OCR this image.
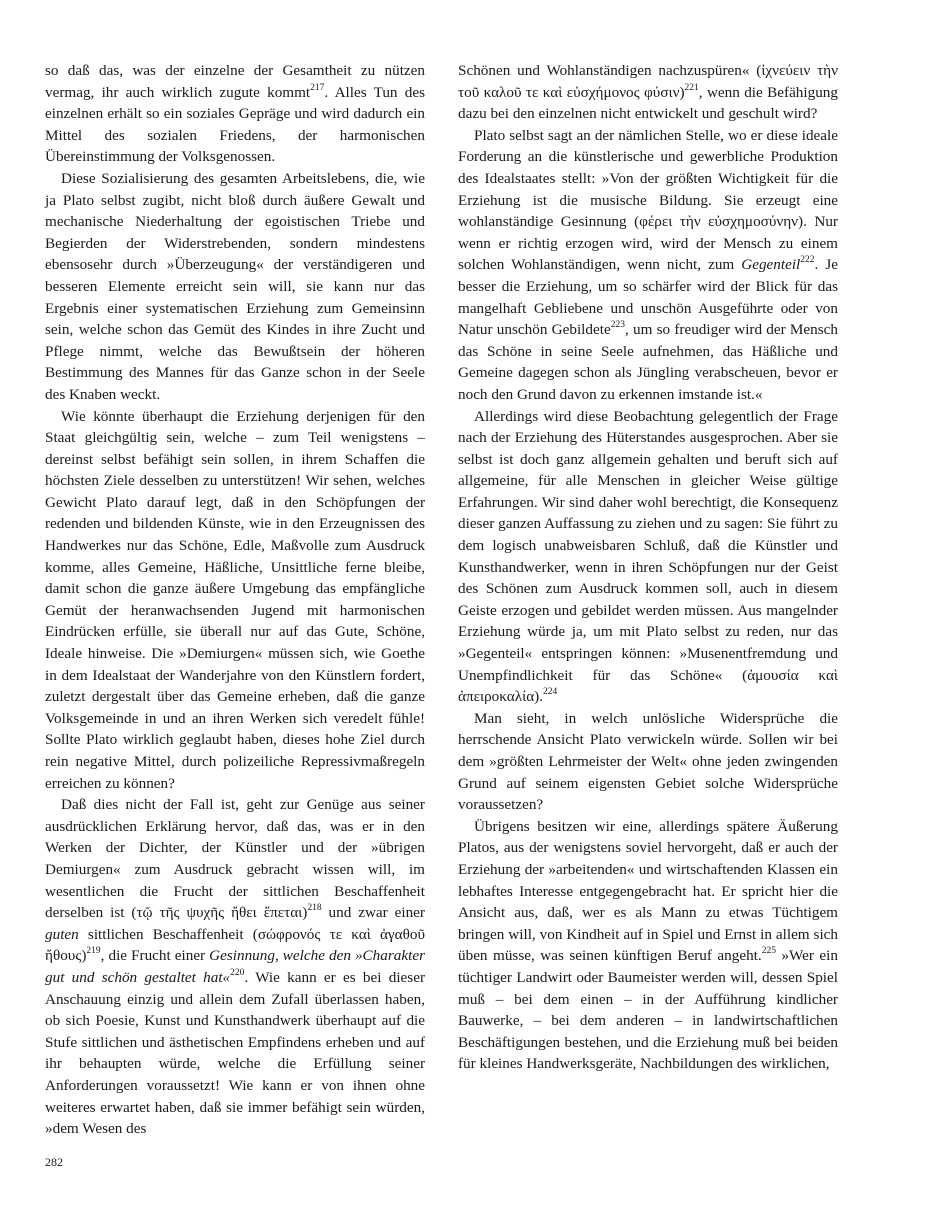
so daß das, was der einzelne der Gesamtheit zu nützen vermag, ihr auch wirklich zugute kommt$^{217}$. Alles Tun des einzelnen erhält so ein soziales Gepräge und wird dadurch ein Mittel des sozialen Friedens, der harmonischen Übereinstimmung der Volksgenossen.

Diese Sozialisierung des gesamten Arbeitslebens, die, wie ja Plato selbst zugibt, nicht bloß durch äußere Gewalt und mechanische Niederhaltung der egoistischen Triebe und Begierden der Widerstrebenden, sondern mindestens ebensosehr durch »Überzeugung« der verständigeren und besseren Elemente erreicht sein will, sie kann nur das Ergebnis einer systematischen Erziehung zum Gemeinsinn sein, welche schon das Gemüt des Kindes in ihre Zucht und Pflege nimmt, welche das Bewußtsein der höheren Bestimmung des Mannes für das Ganze schon in der Seele des Knaben weckt.

Wie könnte überhaupt die Erziehung derjenigen für den Staat gleichgültig sein, welche – zum Teil wenigstens – dereinst selbst befähigt sein sollen, in ihrem Schaffen die höchsten Ziele desselben zu unterstützen! Wir sehen, welches Gewicht Plato darauf legt, daß in den Schöpfungen der redenden und bildenden Künste, wie in den Erzeugnissen des Handwerkes nur das Schöne, Edle, Maßvolle zum Ausdruck komme, alles Gemeine, Häßliche, Unsittliche ferne bleibe, damit schon die ganze äußere Umgebung das empfängliche Gemüt der heranwachsenden Jugend mit harmonischen Eindrücken erfülle, sie überall nur auf das Gute, Schöne, Ideale hinweise. Die »Demiurgen« müssen sich, wie Goethe in dem Idealstaat der Wanderjahre von den Künstlern fordert, zuletzt dergestalt über das Gemeine erheben, daß die ganze Volksgemeinde in und an ihren Werken sich veredelt fühle! Sollte Plato wirklich geglaubt haben, dieses hohe Ziel durch rein negative Mittel, durch polizeiliche Repressivmaßregeln erreichen zu können?

Daß dies nicht der Fall ist, geht zur Genüge aus seiner ausdrücklichen Erklärung hervor, daß das, was er in den Werken der Dichter, der Künstler und der »übrigen Demiurgen« zum Ausdruck gebracht wissen will, im wesentlichen die Frucht der sittlichen Beschaffenheit derselben ist (τῷ τῆς ψυχῆς ἤθει ἕπεται)$^{218}$ und zwar einer guten sittlichen Beschaffenheit (σώφρονός τε καὶ ἀγαθοῦ ἤθους)$^{219}$, die Frucht einer Gesinnung, welche den »Charakter gut und schön gestaltet hat«$^{220}$. Wie kann er es bei dieser Anschauung einzig und allein dem Zufall überlassen haben, ob sich Poesie, Kunst und Kunsthandwerk überhaupt auf die Stufe sittlichen und ästhetischen Empfindens erheben und auf ihr behaupten würde, welche die Erfüllung seiner Anforderungen voraussetzt! Wie kann er von ihnen ohne weiteres erwartet haben, daß sie immer befähigt sein würden, »dem Wesen des

Schönen und Wohlanständigen nachzuspüren« (ἰχνεύειν τὴν τοῦ καλοῦ τε καὶ εὐσχήμονος φύσιν)$^{221}$, wenn die Befähigung dazu bei den einzelnen nicht entwickelt und geschult wird?

Plato selbst sagt an der nämlichen Stelle, wo er diese ideale Forderung an die künstlerische und gewerbliche Produktion des Idealstaates stellt: »Von der größten Wichtigkeit für die Erziehung ist die musische Bildung. Sie erzeugt eine wohlanständige Gesinnung (φέρει τὴν εὐσχημοσύνην). Nur wenn er richtig erzogen wird, wird der Mensch zu einem solchen Wohlanständigen, wenn nicht, zum Gegenteil$^{222}$. Je besser die Erziehung, um so schärfer wird der Blick für das mangelhaft Gebliebene und unschön Ausgeführte oder von Natur unschön Gebildete$^{223}$, um so freudiger wird der Mensch das Schöne in seine Seele aufnehmen, das Häßliche und Gemeine dagegen schon als Jüngling verabscheuen, bevor er noch den Grund davon zu erkennen imstande ist.«

Allerdings wird diese Beobachtung gelegentlich der Frage nach der Erziehung des Hüterstandes ausgesprochen. Aber sie selbst ist doch ganz allgemein gehalten und beruft sich auf allgemeine, für alle Menschen in gleicher Weise gültige Erfahrungen. Wir sind daher wohl berechtigt, die Konsequenz dieser ganzen Auffassung zu ziehen und zu sagen: Sie führt zu dem logisch unabweisbaren Schluß, daß die Künstler und Kunsthandwerker, wenn in ihren Schöpfungen nur der Geist des Schönen zum Ausdruck kommen soll, auch in diesem Geiste erzogen und gebildet werden müssen. Aus mangelnder Erziehung würde ja, um mit Plato selbst zu reden, nur das »Gegenteil« entspringen können: »Musenentfremdung und Unempfindlichkeit für das Schöne« (ἀμουσία καὶ ἀπειροκαλία).$^{224}$

Man sieht, in welch unlösliche Widersprüche die herrschende Ansicht Plato verwickeln würde. Sollen wir bei dem »größten Lehrmeister der Welt« ohne jeden zwingenden Grund auf seinem eigensten Gebiet solche Widersprüche voraussetzen?

Übrigens besitzen wir eine, allerdings spätere Äußerung Platos, aus der wenigstens soviel hervorgeht, daß er auch der Erziehung der »arbeitenden« und wirtschaftenden Klassen ein lebhaftes Interesse entgegengebracht hat. Er spricht hier die Ansicht aus, daß, wer es als Mann zu etwas Tüchtigem bringen will, von Kindheit auf in Spiel und Ernst in allem sich üben müsse, was seinen künftigen Beruf angeht.$^{225}$ »Wer ein tüchtiger Landwirt oder Baumeister werden will, dessen Spiel muß – bei dem einen – in der Aufführung kindlicher Bauwerke, – bei dem anderen – in landwirtschaftlichen Beschäftigungen bestehen, und die Erziehung muß bei beiden für kleines Handwerksgeräte, Nachbildungen des wirklichen,

282
